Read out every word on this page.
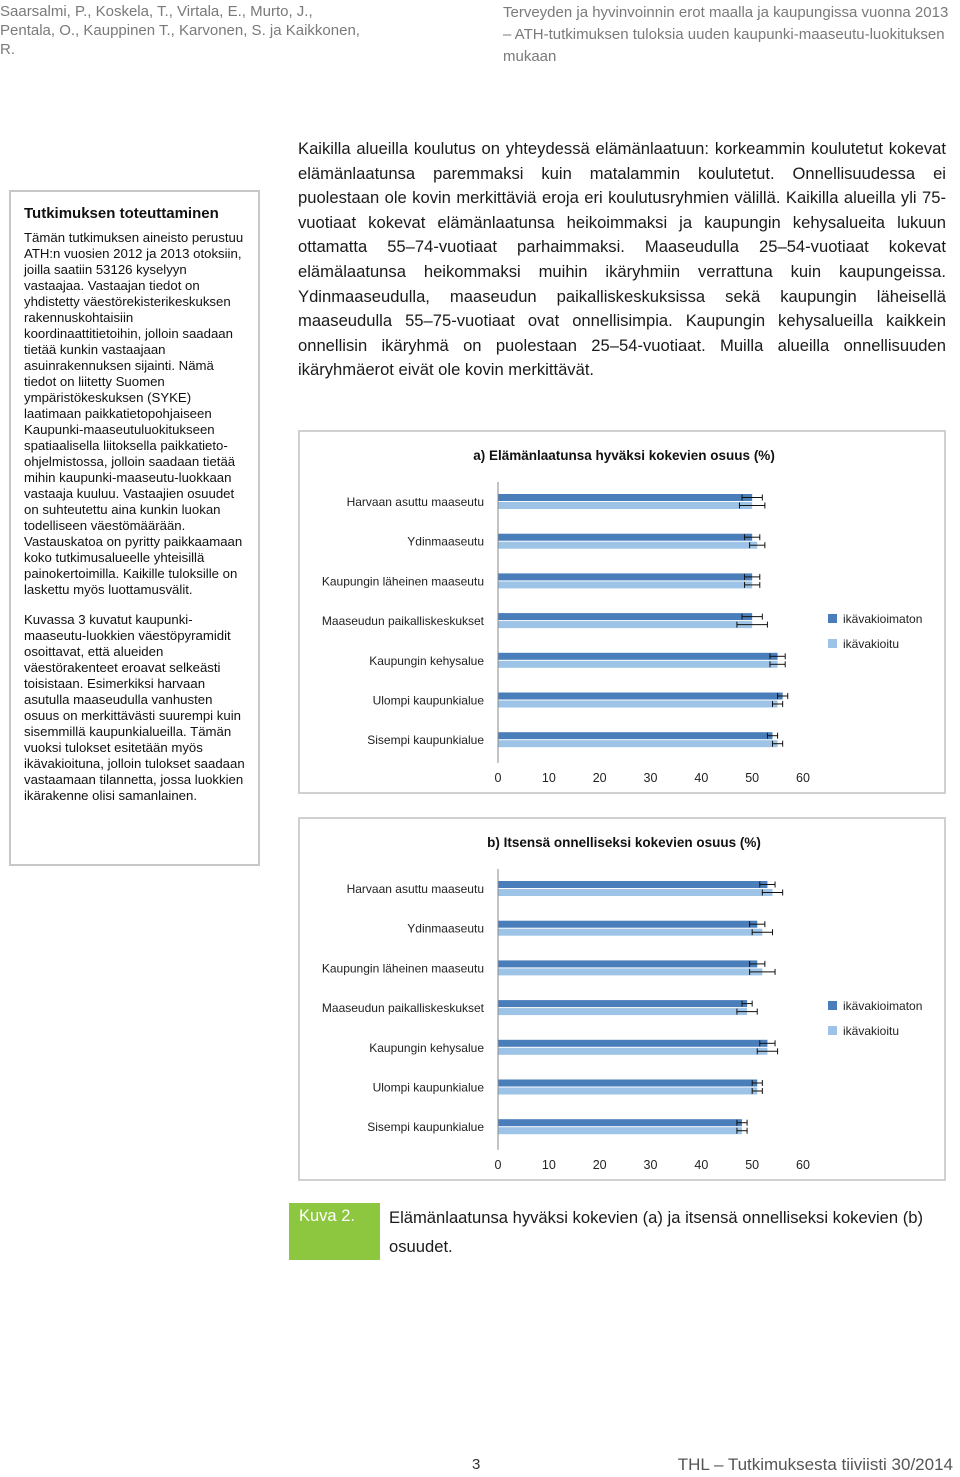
Saarsalmi, P., Koskela, T., Virtala, E., Murto, J., Pentala, O., Kauppinen T., Karvonen, S. ja Kaikkonen, R.
Terveyden ja hyvinvoinnin erot maalla ja kaupungissa vuonna 2013 – ATH-tutkimuksen tuloksia uuden kaupunki-maaseutu-luokituksen mukaan
Tutkimuksen toteuttaminen

Tämän tutkimuksen aineisto perustuu ATH:n vuosien 2012 ja 2013 otoksiin, joilla saatiin 53126 kyselyyn vastaajaa. Vastaajan tiedot on yhdistetty väestörekisterikeskuksen rakennuskohtaisiin koordinaattitietoihin, jolloin saadaan tietää kunkin vastaajaan asuinrakennuksen sijainti. Nämä tiedot on liitetty Suomen ympäristökeskuksen (SYKE) laatimaan paikkatietopohjaiseen Kaupunki-maaseutuluokitukseen spatiaalisella liitoksella paikkatieto-ohjelmistossa, jolloin saadaan tietää mihin kaupunki-maaseutu-luokkaan vastaaja kuuluu. Vastaajien osuudet on suhteutettu aina kunkin luokan todelliseen väestömäärään. Vastauskatoa on pyritty paikkaamaan koko tutkimusalueelle yhteisillä painokertoimilla. Kaikille tuloksille on laskettu myös luottamusvälit.

Kuvassa 3 kuvatut kaupunki-maaseutu-luokkien väestöpyramidit osoittavat, että alueiden väestörakenteet eroavat selkeästi toisistaan. Esimerkiksi harvaan asutulla maaseudulla vanhusten osuus on merkittävästi suurempi kuin sisemmillä kaupunkialueilla. Tämän vuoksi tulokset esitetään myös ikävakioituna, jolloin tulokset saadaan vastaamaan tilannetta, jossa luokkien ikärakenne olisi samanlainen.

Kaikilla alueilla koulutus on yhteydessä elämänlaatuun: korkeammin koulutetut kokevat elämänlaatunsa paremmaksi kuin matalammin koulutetut. Onnellisuudessa ei puolestaan ole kovin merkittäviä eroja eri koulutusryhmien välillä. Kaikilla alueilla yli 75-vuotiaat kokevat elämänlaatunsa heikoimmaksi ja kaupungin kehysalueita lukuun ottamatta 55–74-vuotiaat parhaimmaksi. Maaseudulla 25–54-vuotiaat kokevat elämälaatunsa heikommaksi muihin ikäryhmiin verrattuna kuin kaupungeissa. Ydinmaaseudulla, maaseudun paikalliskeskuksissa sekä kaupungin läheisellä maaseudulla 55–75-vuotiaat ovat onnellisimpia. Kaupungin kehysalueilla kaikkein onnellisin ikäryhmä on puolestaan 25–54-vuotiaat. Muilla alueilla onnellisuuden ikäryhmäerot eivät ole kovin merkittävät.
a) Elämänlaatunsa hyväksi kokevien osuus (%)
Harvaan asuttu maaseutu
Ydinmaaseutu
Kaupungin läheinen maaseutu
Maaseudun paikalliskeskukset
Kaupungin kehysalue
Ulompi kaupunkialue
Sisempi kaupunkialue
0	10	20	30	40	50	60
ikävakioimaton
ikävakioitu
b) Itsensä onnelliseksi kokevien osuus (%)
Harvaan asuttu maaseutu
Ydinmaaseutu
Kaupungin läheinen maaseutu
Maaseudun paikalliskeskukset
Kaupungin kehysalue
Ulompi kaupunkialue
Sisempi kaupunkialue
0	10	20	30	40	50	60
ikävakioimaton
ikävakioitu
Kuva 2.	Elämänlaatunsa hyväksi kokevien (a) ja itsensä onnelliseksi kokevien (b) osuudet.
3	THL – Tutkimuksesta tiiviisti 30/2014
